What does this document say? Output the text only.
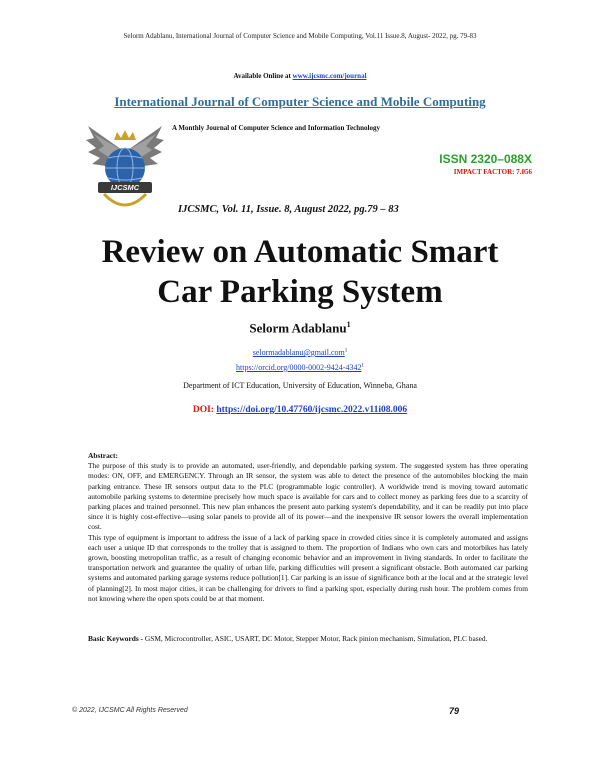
Selorm Adablanu, International Journal of Computer Science and Mobile Computing, Vol.11 Issue.8, August- 2022, pg. 79-83
Available Online at www.ijcsmc.com/journal
International Journal of Computer Science and Mobile Computing
IJCSMC
A Monthly Journal of Computer Science and Information Technology
ISSN 2320–088X
IMPACT FACTOR: 7.056
IJCSMC, Vol. 11, Issue. 8, August 2022, pg.79 – 83
Review on Automatic Smart
Car Parking System
Selorm Adablanu$^1$
selormadablanu@gmail.com$^1$
https://orcid.org/0000-0002-9424-4342$^1$
Department of ICT Education, University of Education, Winneba, Ghana
DOI: https://doi.org/10.47760/ijcsmc.2022.v11i08.006

Abstract:

The purpose of this study is to provide an automated, user-friendly, and dependable parking system. The suggested system has three operating modes: ON, OFF, and EMERGENCY. Through an IR sensor, the system was able to detect the presence of the automobiles blocking the main parking entrance. These IR sensors output data to the PLC (programmable logic controller). A worldwide trend is moving toward automatic automobile parking systems to determine precisely how much space is available for cars and to collect money as parking fees due to a scarcity of parking places and trained personnel. This new plan enhances the present auto parking system's dependability, and it can be readily put into place since it is highly cost-effective—using solar panels to provide all of its power—and the inexpensive IR sensor lowers the overall implementation cost.

This type of equipment is important to address the issue of a lack of parking space in crowded cities since it is completely automated and assigns each user a unique ID that corresponds to the trolley that is assigned to them. The proportion of Indians who own cars and motorbikes has lately grown, boosting metropolitan traffic, as a result of changing economic behavior and an improvement in living standards. In order to facilitate the transportation network and guarantee the quality of urban life, parking difficulties will present a significant obstacle. Both automated car parking systems and automated parking garage systems reduce pollution[1]. Car parking is an issue of significance both at the local and at the strategic level of planning[2]. In most major cities, it can be challenging for drivers to find a parking spot, especially during rush hour. The problem comes from not knowing where the open spots could be at that moment.

Basic Keywords - GSM, Microcontroller, ASIC, USART, DC Motor, Stepper Motor, Rack pinion mechanism, Simulation, PLC based.
© 2022, IJCSMC All Rights Reserved	79
